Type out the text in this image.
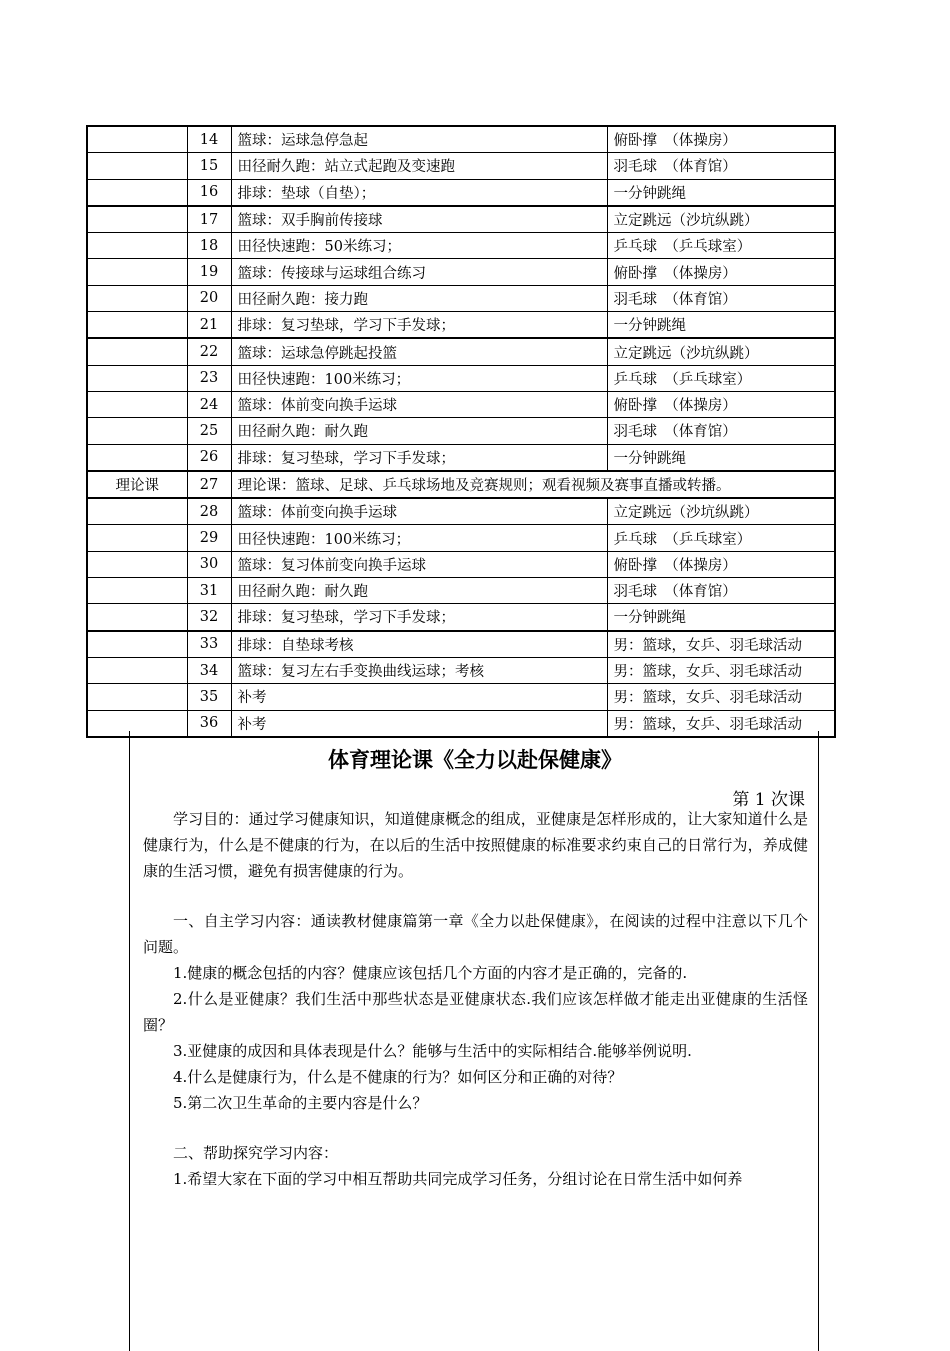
	14	篮球：运球急停急起	俯卧撑　（体操房）
	15	田径耐久跑：站立式起跑及变速跑	羽毛球　（体育馆）
	16	排球：垫球（自垫）；	一分钟跳绳
	17	篮球：双手胸前传接球	立定跳远（沙坑纵跳）
	18	田径快速跑：50米练习；	乒乓球　（乒乓球室）
	19	篮球：传接球与运球组合练习	俯卧撑　（体操房）
	20	田径耐久跑：接力跑	羽毛球　（体育馆）
	21	排球：复习垫球，学习下手发球；	一分钟跳绳
	22	篮球：运球急停跳起投篮	立定跳远（沙坑纵跳）
	23	田径快速跑：100米练习；	乒乓球　（乒乓球室）
	24	篮球：体前变向换手运球	俯卧撑　（体操房）
	25	田径耐久跑：耐久跑	羽毛球　（体育馆）
	26	排球：复习垫球，学习下手发球；	一分钟跳绳
理论课	27	理论课：篮球、足球、乒乓球场地及竞赛规则；观看视频及赛事直播或转播。	
	28	篮球：体前变向换手运球	立定跳远（沙坑纵跳）
	29	田径快速跑：100米练习；	乒乓球　（乒乓球室）
	30	篮球：复习体前变向换手运球	俯卧撑　（体操房）
	31	田径耐久跑：耐久跑	羽毛球　（体育馆）
	32	排球：复习垫球，学习下手发球；	一分钟跳绳
	33	排球：自垫球考核	男：篮球，女乒、羽毛球活动
	34	篮球：复习左右手变换曲线运球；考核	男：篮球，女乒、羽毛球活动
	35	补考	男：篮球，女乒、羽毛球活动
	36	补考	男：篮球，女乒、羽毛球活动
体育理论课《全力以赴保健康》
第 1 次课

学习目的：通过学习健康知识，知道健康概念的组成，亚健康是怎样形成的，让大家知道什么是健康行为，什么是不健康的行为，在以后的生活中按照健康的标准要求约束自己的日常行为，养成健康的生活习惯，避免有损害健康的行为。

一、自主学习内容：通读教材健康篇第一章《全力以赴保健康》，在阅读的过程中注意以下几个问题。

1.健康的概念包括的内容？健康应该包括几个方面的内容才是正确的，完备的.

2.什么是亚健康？我们生活中那些状态是亚健康状态.我们应该怎样做才能走出亚健康的生活怪圈？

3.亚健康的成因和具体表现是什么？能够与生活中的实际相结合.能够举例说明.

4.什么是健康行为，什么是不健康的行为？如何区分和正确的对待？

5.第二次卫生革命的主要内容是什么？

二、帮助探究学习内容：

1.希望大家在下面的学习中相互帮助共同完成学习任务，分组讨论在日常生活中如何养
